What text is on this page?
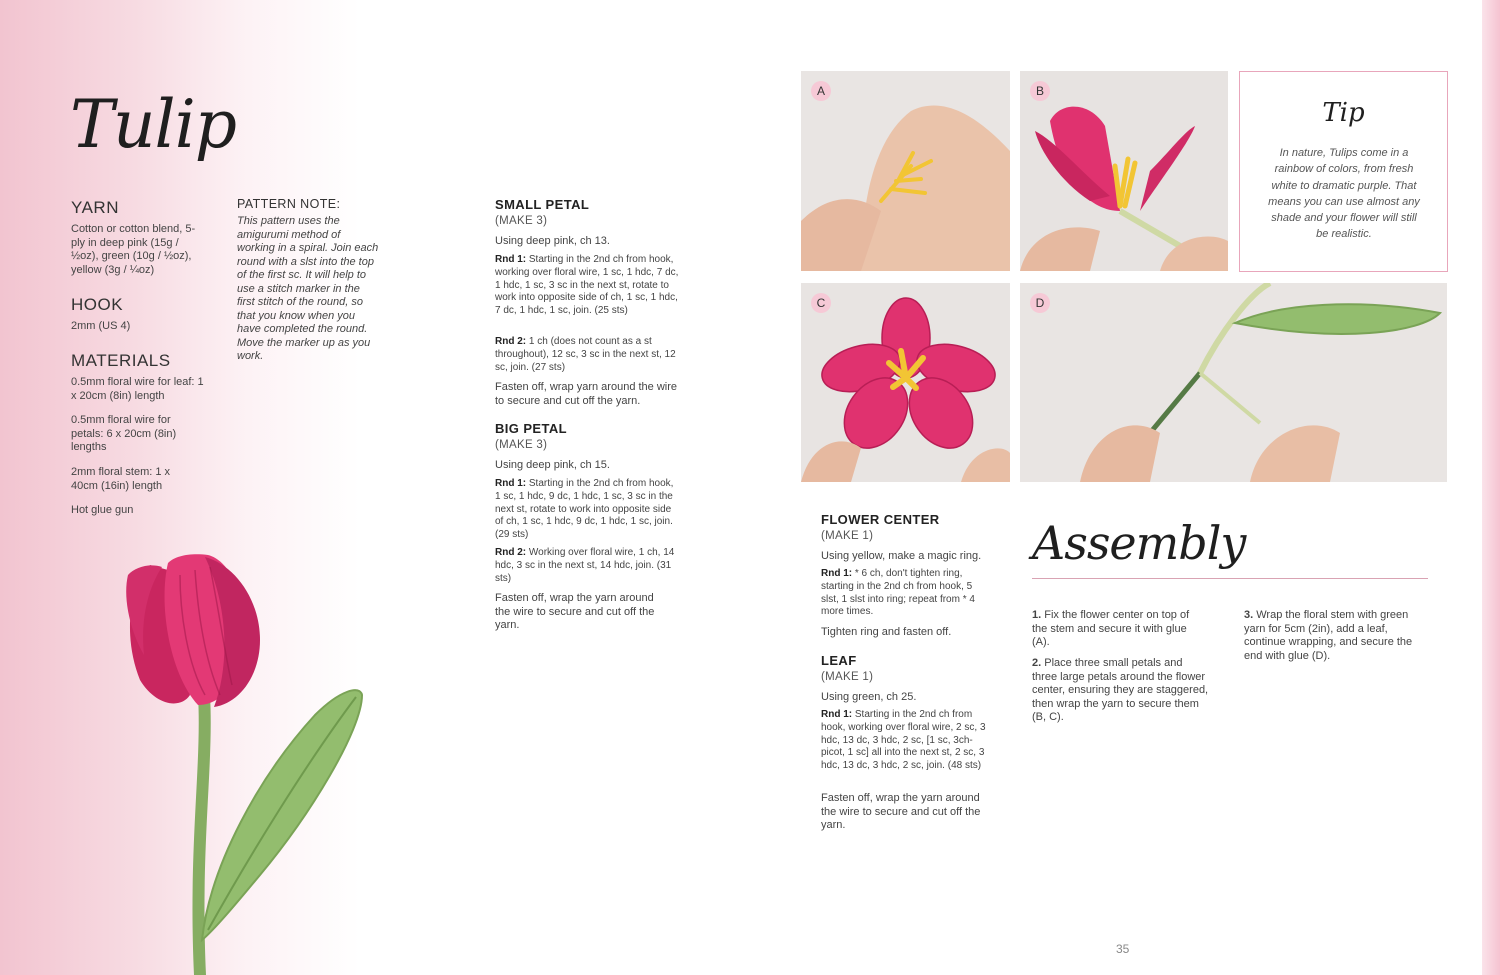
Tulip
YARN
Cotton or cotton blend, 5-ply in deep pink (15g / ½oz), green (10g / ½oz), yellow (3g / ¼oz)
HOOK
2mm (US 4)
MATERIALS
0.5mm floral wire for leaf: 1 x 20cm (8in) length
0.5mm floral wire for petals: 6 x 20cm (8in) lengths
2mm floral stem: 1 x 40cm (16in) length
Hot glue gun
PATTERN NOTE:
This pattern uses the amigurumi method of working in a spiral. Join each round with a slst into the top of the first sc. It will help to use a stitch marker in the first stitch of the round, so that you know when you have completed the round. Move the marker up as you work.
SMALL PETAL
(MAKE 3)
Using deep pink, ch 13.
Rnd 1: Starting in the 2nd ch from hook, working over floral wire, 1 sc, 1 hdc, 7 dc, 1 hdc, 1 sc, 3 sc in the next st, rotate to work into opposite side of ch, 1 sc, 1 hdc, 7 dc, 1 hdc, 1 sc, join. (25 sts)
Rnd 2: 1 ch (does not count as a st throughout), 12 sc, 3 sc in the next st, 12 sc, join. (27 sts)
Fasten off, wrap yarn around the wire to secure and cut off the yarn.
BIG PETAL
(MAKE 3)
Using deep pink, ch 15.
Rnd 1: Starting in the 2nd ch from hook, 1 sc, 1 hdc, 9 dc, 1 hdc, 1 sc, 3 sc in the next st, rotate to work into opposite side of ch, 1 sc, 1 hdc, 9 dc, 1 hdc, 1 sc, join. (29 sts)
Rnd 2: Working over floral wire, 1 ch, 14 hdc, 3 sc in the next st, 14 hdc, join. (31 sts)
Fasten off, wrap the yarn around the wire to secure and cut off the yarn.
A	B
Tip
In nature, Tulips come in a rainbow of colors, from fresh white to dramatic purple. That means you can use almost any shade and your flower will still be realistic.
C	D
FLOWER CENTER
(MAKE 1)
Using yellow, make a magic ring.
Rnd 1: * 6 ch, don't tighten ring, starting in the 2nd ch from hook, 5 slst, 1 slst into ring; repeat from * 4 more times.
Tighten ring and fasten off.
LEAF
(MAKE 1)
Using green, ch 25.
Rnd 1: Starting in the 2nd ch from hook, working over floral wire, 2 sc, 3 hdc, 13 dc, 3 hdc, 2 sc, [1 sc, 3ch-picot, 1 sc] all into the next st, 2 sc, 3 hdc, 13 dc, 3 hdc, 2 sc, join. (48 sts)
Fasten off, wrap the yarn around the wire to secure and cut off the yarn.
Assembly
1. Fix the flower center on top of the stem and secure it with glue (A).
2. Place three small petals and three large petals around the flower center, ensuring they are staggered, then wrap the yarn to secure them (B, C).
3. Wrap the floral stem with green yarn for 5cm (2in), add a leaf, continue wrapping, and secure the end with glue (D).
35
